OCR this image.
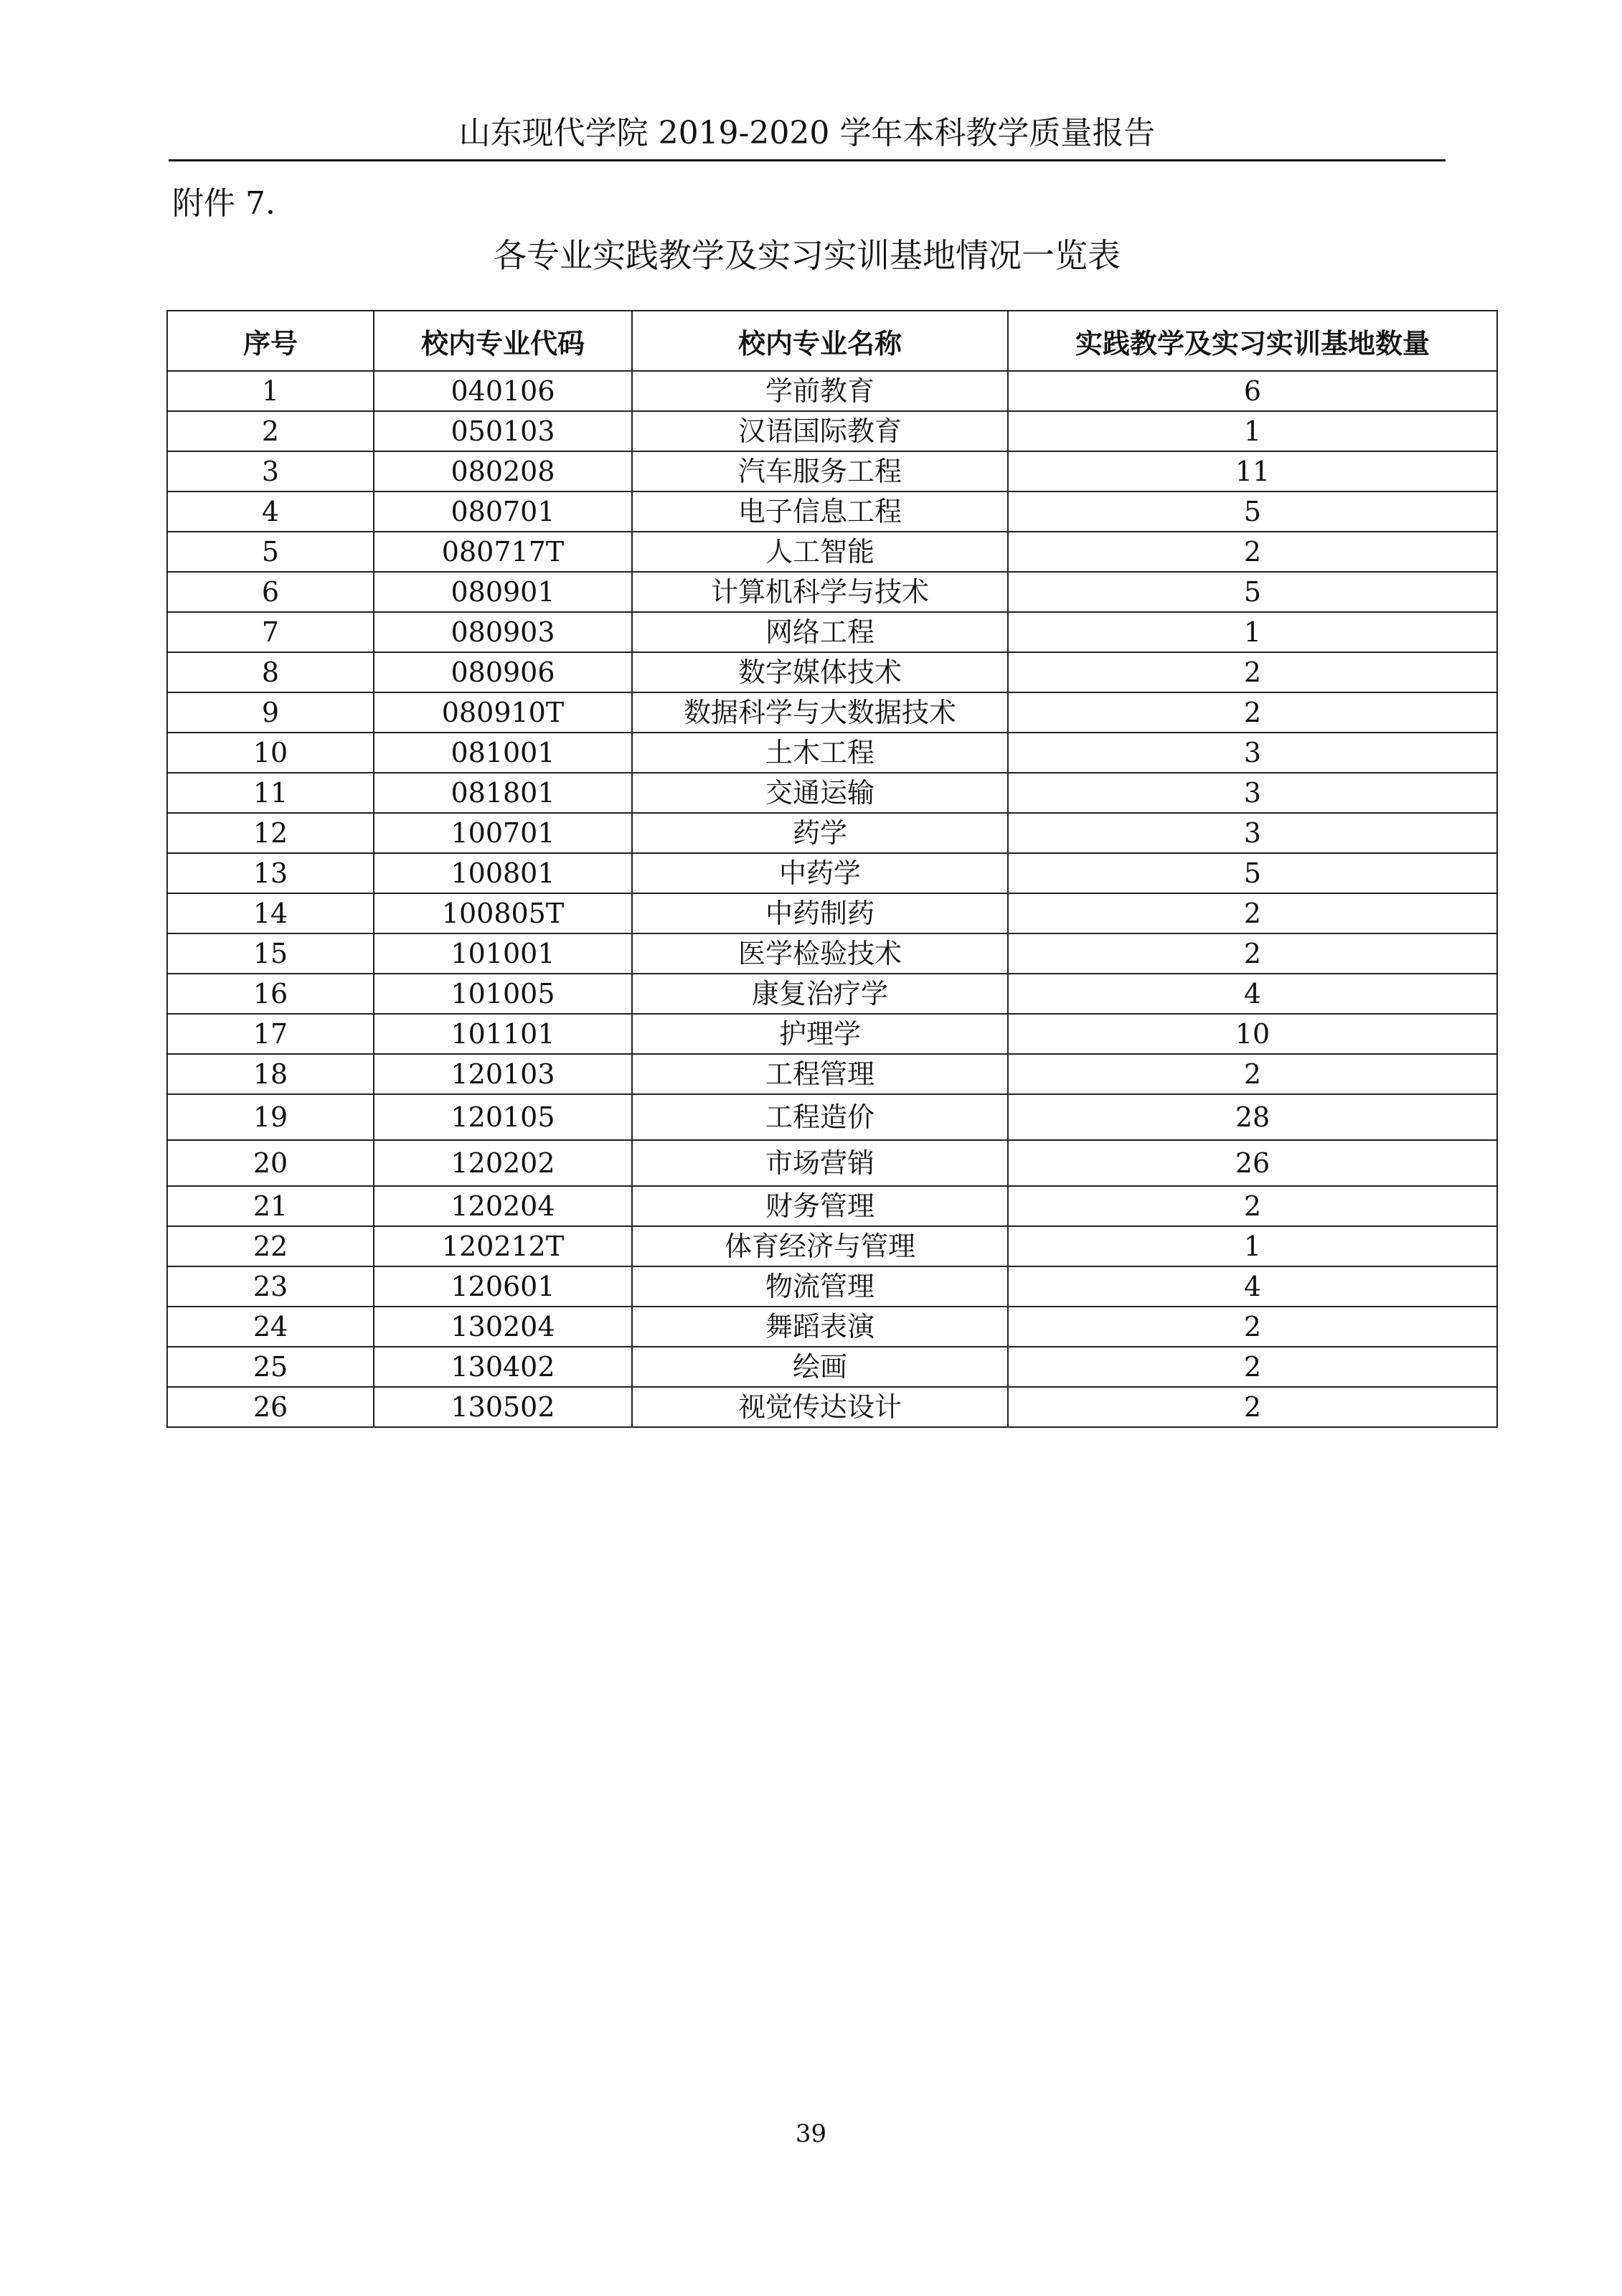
山东现代学院 2019-2020 学年本科教学质量报告
附件 7.
各专业实践教学及实习实训基地情况一览表
序号	校内专业代码	校内专业名称	实践教学及实习实训基地数量
1	040106	学前教育	6
2	050103	汉语国际教育	1
3	080208	汽车服务工程	11
4	080701	电子信息工程	5
5	080717T	人工智能	2
6	080901	计算机科学与技术	5
7	080903	网络工程	1
8	080906	数字媒体技术	2
9	080910T	数据科学与大数据技术	2
10	081001	土木工程	3
11	081801	交通运输	3
12	100701	药学	3
13	100801	中药学	5
14	100805T	中药制药	2
15	101001	医学检验技术	2
16	101005	康复治疗学	4
17	101101	护理学	10
18	120103	工程管理	2
19	120105	工程造价	28
20	120202	市场营销	26
21	120204	财务管理	2
22	120212T	体育经济与管理	1
23	120601	物流管理	4
24	130204	舞蹈表演	2
25	130402	绘画	2
26	130502	视觉传达设计	2
39
